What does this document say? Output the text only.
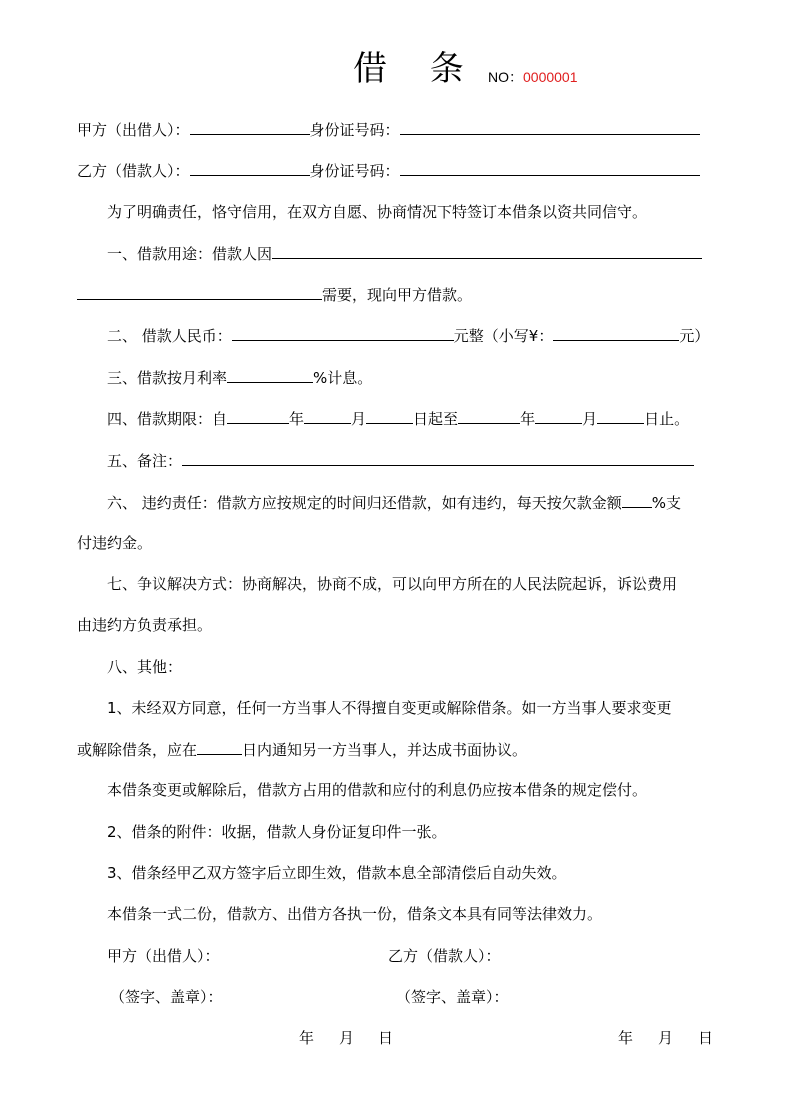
借 条 NO：0000001
甲方（出借人）：	身份证号码：
乙方（借款人）：	身份证号码：
为了明确责任，恪守信用，在双方自愿、协商情况下特签订本借条以资共同信守。
一、借款用途：借款人因
需要，现向甲方借款。
二、 借款人民币：	元整（小写¥：	元）
三、借款按月利率	%计息。
四、借款期限：自	年	月	日起至	年	月	日止。
五、备注：
六、 违约责任：借款方应按规定的时间归还借款，如有违约，每天按欠款金额 %支
付违约金。
七、争议解决方式：协商解决，协商不成，可以向甲方所在的人民法院起诉，诉讼费用
由违约方负责承担。
八、其他：
1、未经双方同意，任何一方当事人不得擅自变更或解除借条。如一方当事人要求变更
或解除借条，应在	日内通知另一方当事人，并达成书面协议。
本借条变更或解除后，借款方占用的借款和应付的利息仍应按本借条的规定偿付。
2、借条的附件：收据，借款人身份证复印件一张。
3、借条经甲乙双方签字后立即生效，借款本息全部清偿后自动失效。
本借条一式二份，借款方、出借方各执一份，借条文本具有同等法律效力。
甲方（出借人）：	乙方（借款人）：
（签字、盖章）：	（签字、盖章）：
年 月 日	年 月 日
